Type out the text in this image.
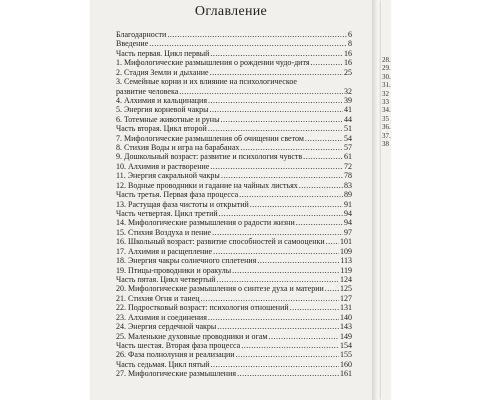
Оглавление
Благодарности .....	6
Введение .....	8
Часть первая. Цикл первый .....	16
1. Мифологические размышления о рождении чудо-дитя .....	16
2. Стадия Земли и дыхание .....	25
3. Семейные корни и их влияние на психологическое
развитие человека .....	32
4. Алхимия и кальцинация .....	39
5. Энергия корневой чакры .....	41
6. Тотемные животные и руны .....	44
Часть вторая. Цикл второй .....	51
7. Мифологические размышления об очищении светом .....	54
8. Стихия Воды и игра на барабанах .....	57
9. Дошкольный возраст: развитие и психология чувств .....	61
10. Алхимия и растворение .....	72
11. Энергия сакральной чакры .....	78
12. Водные проводники и гадание на чайных листьях .....	83
Часть третья. Первая фаза процесса .....	89
13. Растущая фаза чистоты и открытий .....	91
Часть четвертая. Цикл третий .....	94
14. Мифологические размышления о радости жизни .....	94
15. Стихия Воздуха и пение .....	97
16. Школьный возраст: развитие способностей и самооценки ..... 101
17. Алхимия и расщепление .....	109
18. Энергия чакры солнечного сплетения .....	113
19. Птицы-проводники и оракулы .....	119
Часть пятая. Цикл четвертый .....	124
20. Мифологические размышления о синтезе духа и материи ..... 125
21. Стихия Огня и танец .....	127
22. Подростковый возраст: психология отношений .....	131
23. Алхимия и соединения .....	140
24. Энергия сердечной чакры .....	143
25. Маленькие духовные проводники и огам .....	149
Часть шестая. Вторая фаза процесса .....	154
26. Фаза полнолуния и реализации .....	155
Часть седьмая. Цикл пятый .....	160
27. Мифологические размышления .....	161
28.
29.
30.
31.
32
33
34.
35
36.
37.
38
